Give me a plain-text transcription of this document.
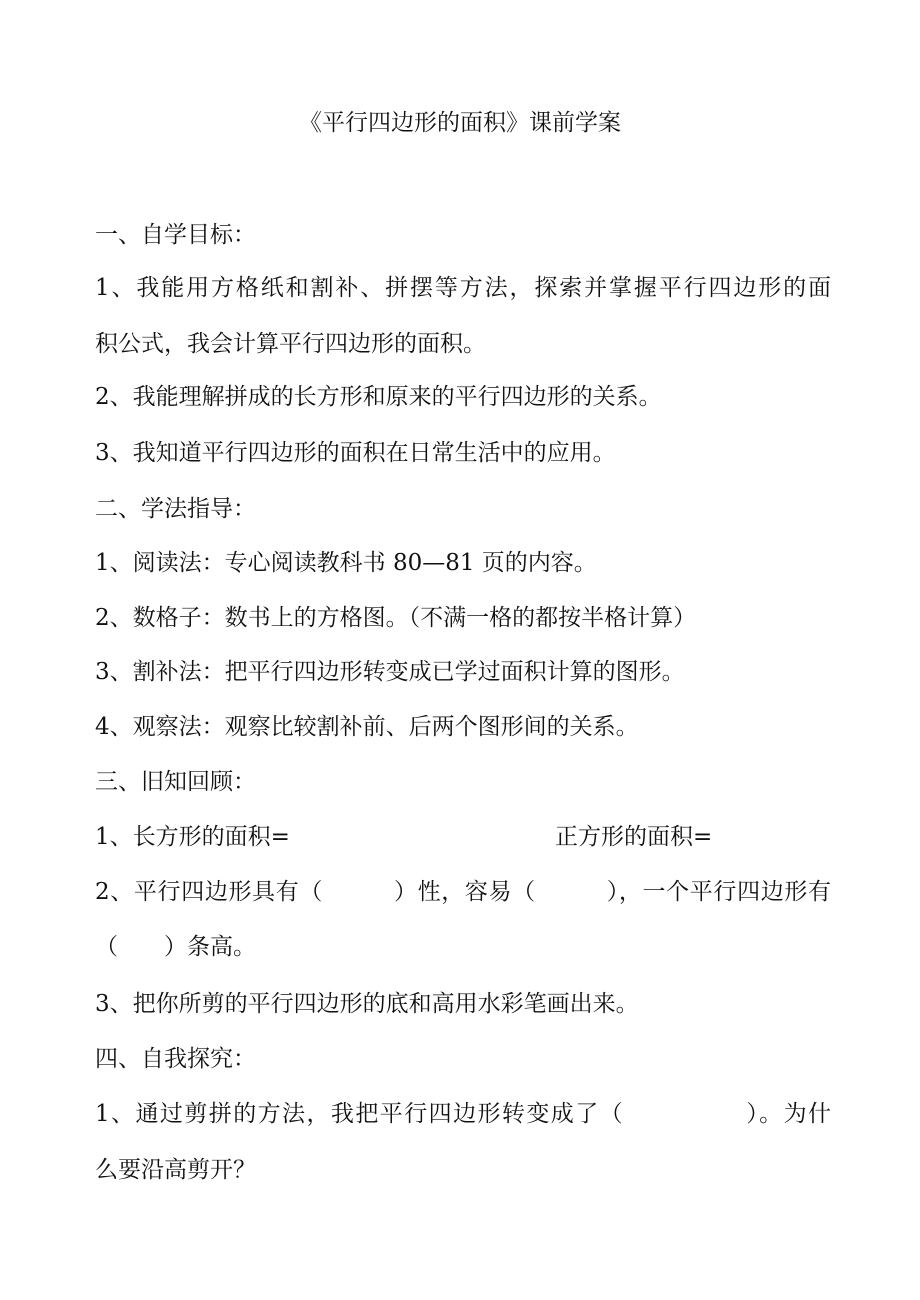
《平行四边形的面积》课前学案
一、自学目标：
1、我能用方格纸和割补、拼摆等方法，探索并掌握平行四边形的面
积公式，我会计算平行四边形的面积。
2、我能理解拼成的长方形和原来的平行四边形的关系。
3、我知道平行四边形的面积在日常生活中的应用。
二、学法指导：
1、阅读法：专心阅读教科书 80—81 页的内容。
2、数格子：数书上的方格图。（不满一格的都按半格计算）
3、割补法：把平行四边形转变成已学过面积计算的图形。
4、观察法：观察比较割补前、后两个图形间的关系。
三、旧知回顾：
1、长方形的面积=	正方形的面积=
2、平行四边形具有（　　　）性，容易（　　　），一个平行四边形有
（　　）条高。
3、把你所剪的平行四边形的底和高用水彩笔画出来。
四、自我探究：
1、通过剪拼的方法，我把平行四边形转变成了（　　　　　）。为什
么要沿高剪开？
